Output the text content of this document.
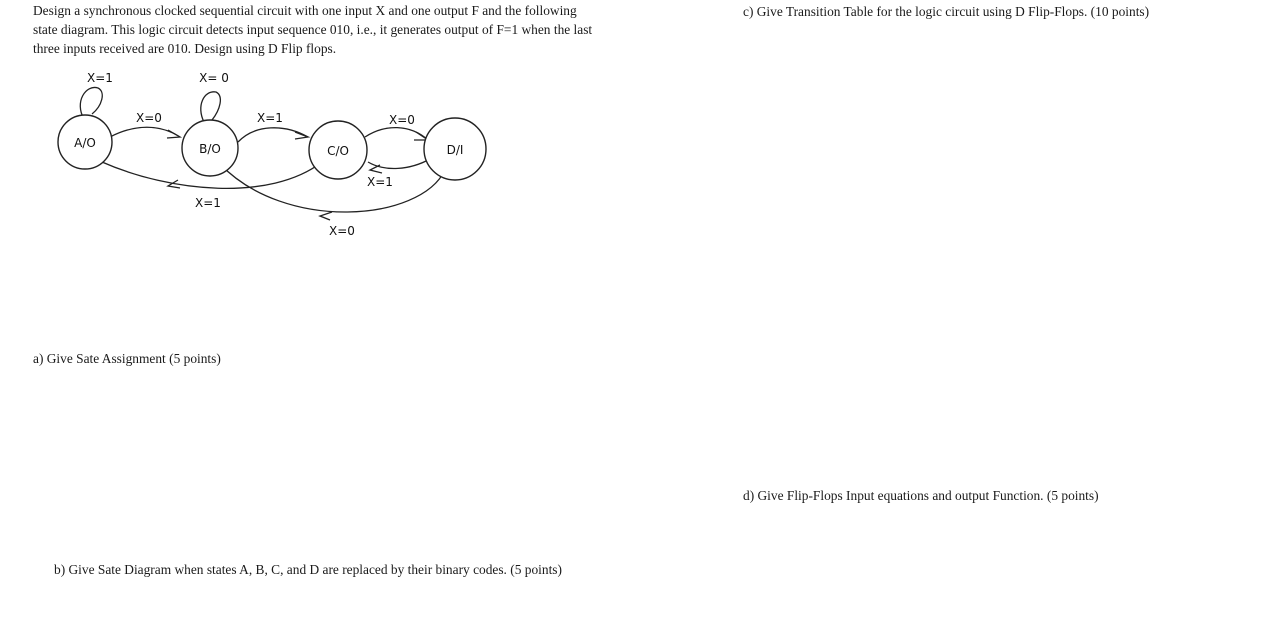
Design a synchronous clocked sequential circuit with one input X and one output F and the following state diagram. This logic circuit detects input sequence 010, i.e., it generates output of F=1 when the last three inputs received are 010. Design using D Flip flops.
A/O	B/O	C/O	D/I
X=1	X= 0
X=0	X=1	X=0
X=1
X=1
X=0
a) Give Sate Assignment (5 points)
b) Give Sate Diagram when states A, B, C, and D are replaced by their binary codes. (5 points)
c) Give Transition Table for the logic circuit using D Flip-Flops. (10 points)
d) Give Flip-Flops Input equations and output Function. (5 points)
